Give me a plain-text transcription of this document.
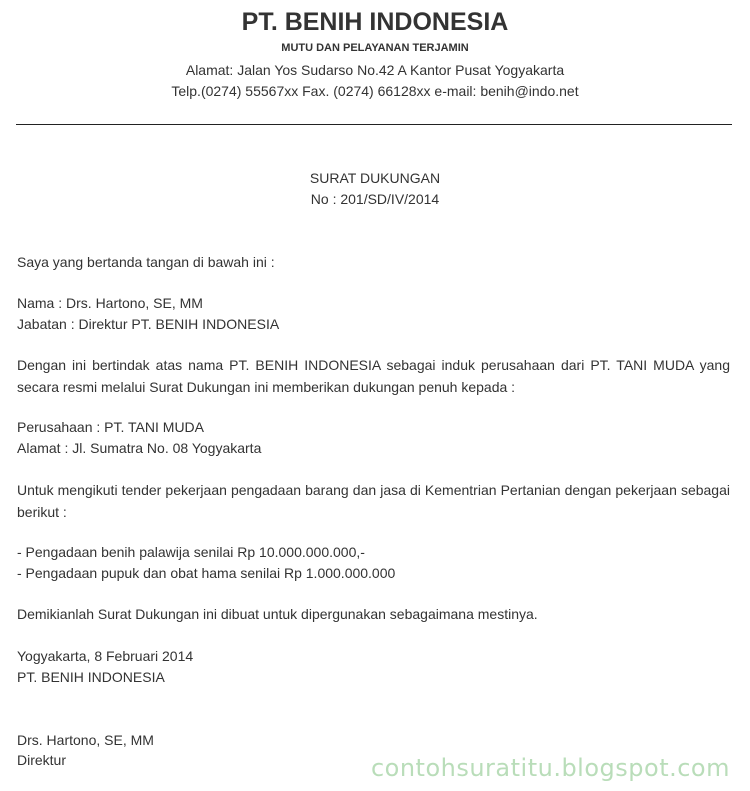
PT. BENIH INDONESIA
MUTU DAN PELAYANAN TERJAMIN
Alamat: Jalan Yos Sudarso No.42 A Kantor Pusat Yogyakarta
Telp.(0274) 55567xx Fax. (0274) 66128xx e-mail: benih@indo.net
SURAT DUKUNGAN
No : 201/SD/IV/2014
Saya yang bertanda tangan di bawah ini :
Nama : Drs. Hartono, SE, MM
Jabatan : Direktur PT. BENIH INDONESIA
Dengan ini bertindak atas nama PT. BENIH INDONESIA sebagai induk perusahaan dari PT. TANI MUDA yang secara resmi melalui Surat Dukungan ini memberikan dukungan penuh kepada :
Perusahaan : PT. TANI MUDA
Alamat : Jl. Sumatra No. 08 Yogyakarta
Untuk mengikuti tender pekerjaan pengadaan barang dan jasa di Kementrian Pertanian dengan pekerjaan sebagai berikut :
- Pengadaan benih palawija senilai Rp 10.000.000.000,-
- Pengadaan pupuk dan obat hama senilai Rp 1.000.000.000
Demikianlah Surat Dukungan ini dibuat untuk dipergunakan sebagaimana mestinya.
Yogyakarta, 8 Februari 2014
PT. BENIH INDONESIA
Drs. Hartono, SE, MM
Direktur	contohsuratitu.blogspot.com
